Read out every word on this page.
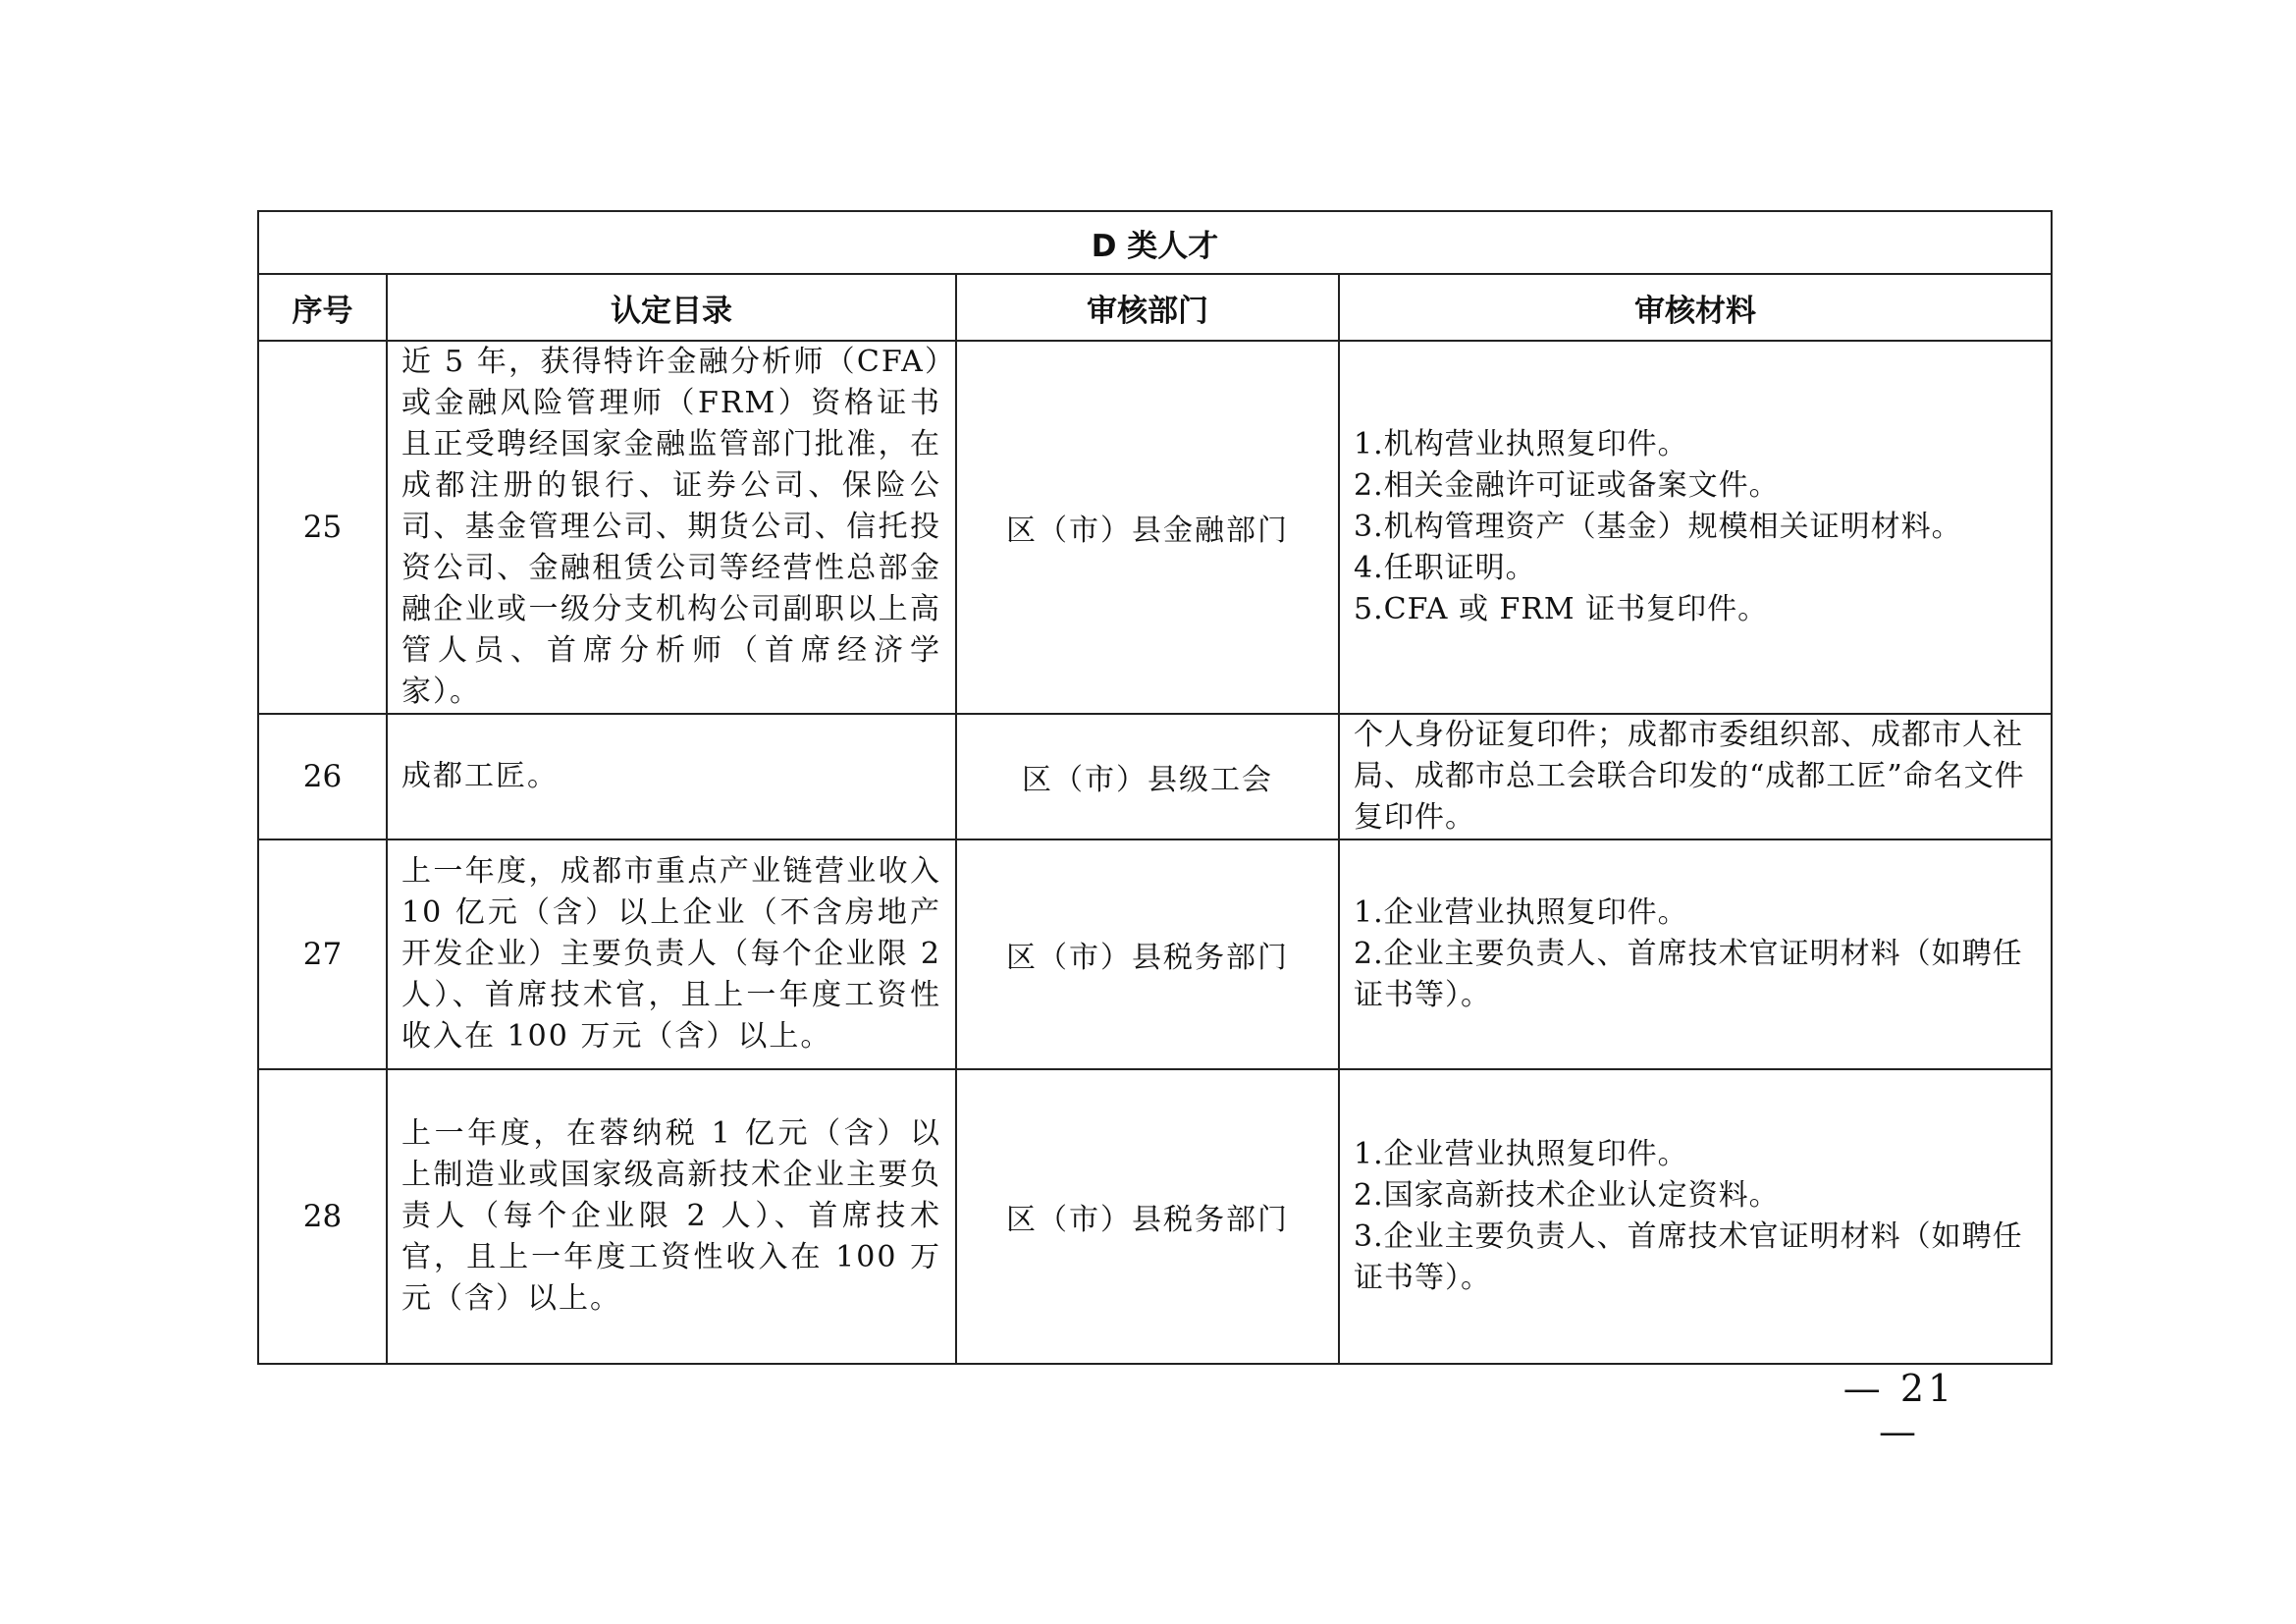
D 类人才			
序号	认定目录	审核部门	审核材料
25	近 5 年，获得特许金融分析师（CFA）或金融风险管理师（FRM）资格证书且正受聘经国家金融监管部门批准，在成都注册的银行、证券公司、保险公司、基金管理公司、期货公司、信托投资公司、金融租赁公司等经营性总部金融企业或一级分支机构公司副职以上高管人员、首席分析师（首席经济学家）。	区（市）县金融部门	1.机构营业执照复印件。
2.相关金融许可证或备案文件。
3.机构管理资产（基金）规模相关证明材料。
4.任职证明。
5.CFA 或 FRM 证书复印件。

26	成都工匠。	区（市）县级工会	个人身份证复印件；成都市委组织部、成都市人社局、成都市总工会联合印发的“成都工匠”命名文件复印件。

27	上一年度，成都市重点产业链营业收入 10 亿元（含）以上企业（不含房地产开发企业）主要负责人（每个企业限 2 人）、首席技术官，且上一年度工资性收入在 100 万元（含）以上。	区（市）县税务部门	1.企业营业执照复印件。
2.企业主要负责人、首席技术官证明材料（如聘任证书等）。

28	上一年度，在蓉纳税 1 亿元（含）以上制造业或国家级高新技术企业主要负责人（每个企业限 2 人）、首席技术官，且上一年度工资性收入在 100 万元（含）以上。	区（市）县税务部门	1.企业营业执照复印件。
2.国家高新技术企业认定资料。
3.企业主要负责人、首席技术官证明材料（如聘任证书等）。
— 21 —
